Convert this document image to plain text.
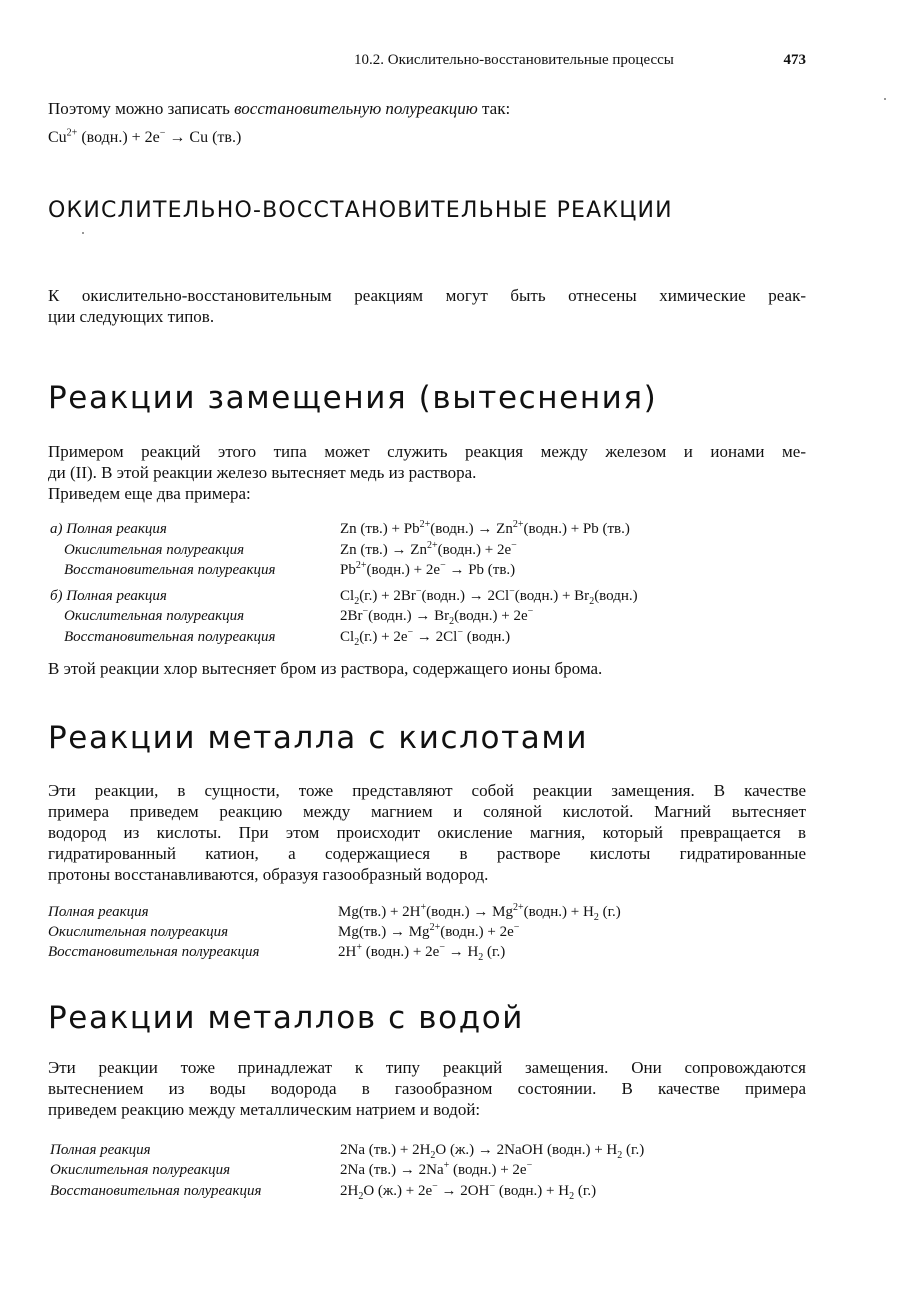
10.2. Окислительно-восстановительные процессы	473
Поэтому можно записать восстановительную полуреакцию так:
$Cu^{2+}$ (водн.) + 2e− → Cu (тв.)
ОКИСЛИТЕЛЬНО-ВОССТАНОВИТЕЛЬНЫЕ РЕАКЦИИ
К окислительно-восстановительным реакциям могут быть отнесены химические реак-
ции следующих типов.
Реакции замещения (вытеснения)
Примером реакций этого типа может служить реакция между железом и ионами ме-
ди (II). В этой реакции железо вытесняет медь из раствора.
Приведем еще два примера:
а) Полная реакция
Окислительная полуреакция
Восстановительная полуреакция
Zn $(тв.) + Pb^{2+}(водн.)$ → $Zn^{2+}(водн.) + Pb$ (тв.)
Zn $(тв.) \to Zn^{2+}(водн.) + 2e^-$
$Pb^{2+}(водн.) + 2e^- \to Pb$ (тв.)
б) Полная реакция
Окислительная полуреакция
Восстановительная полуреакция
$Cl_2(г.)$ + 2Br−(водн.) → 2Cl−(водн.) + $Br_2(водн.)$
2Br−(водн.) → $Br_2(водн.) + 2e^-$
$Cl_2(г.) + 2e^- \to 2Cl^-$ (водн.)
В этой реакции хлор вытесняет бром из раствора, содержащего ионы брома.
Реакции металла с кислотами
Эти реакции, в сущности, тоже представляют собой реакции замещения. В качестве
примера приведем реакцию между магнием и соляной кислотой. Магний вытесняет
водород из кислоты. При этом происходит окисление магния, который превращается в
гидратированный катион, а содержащиеся в растворе кислоты гидратированные
протоны восстанавливаются, образуя газообразный водород.
Полная реакция
Окислительная полуреакция
Восстановительная полуреакция
Mg(тв.) + 2H+(водн.) → $Mg^{2+}(водн.) + H_2$ (г.)
$Mg(тв.) \to Mg^{2+}(водн.) + 2e^-$
2H+ (водн.) + $2e^- \to H_2$ (г.)
Реакции металлов с водой
Эти реакции тоже принадлежат к типу реакций замещения. Они сопровождаются
вытеснением из воды водорода в газообразном состоянии. В качестве примера
приведем реакцию между металлическим натрием и водой:
Полная реакция
Окислительная полуреакция
Восстановительная полуреакция
2Na $(тв.) + 2H_2O$ (ж.) → 2NaOH (водн.) + $H_2$ (г.)
2Na (тв.) → 2Na+ (водн.) + 2e−
$2H_2O$ (ж.) + 2e− → 2OH− (водн.) + $H_2$ (г.)
